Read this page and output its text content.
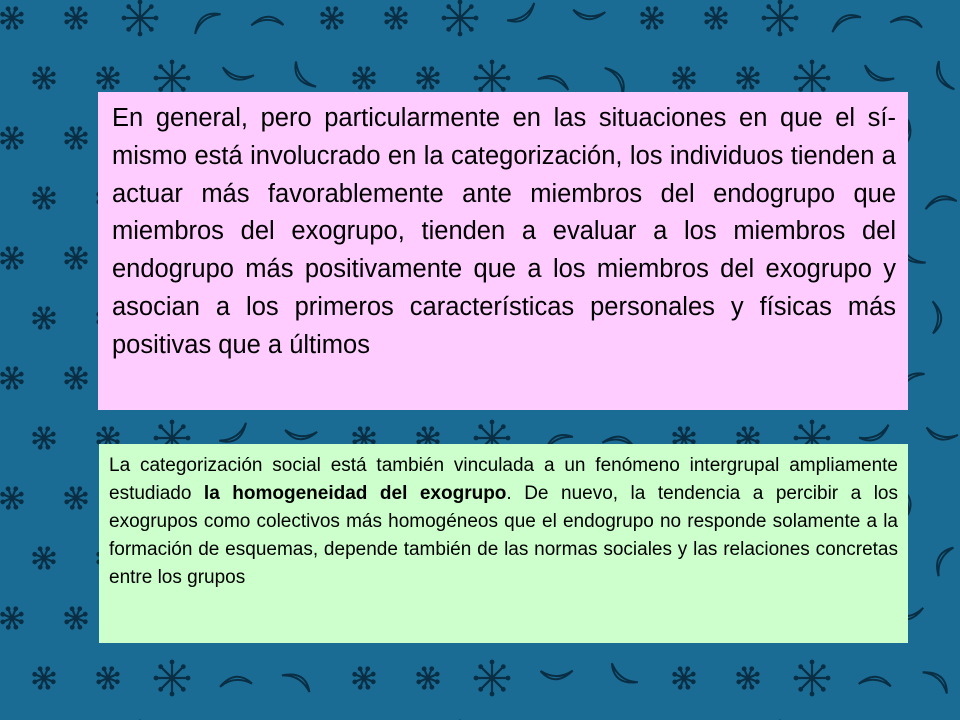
En general, pero particularmente en las situaciones en que el sí-mismo está involucrado en la categorización, los individuos tienden a actuar más favorablemente ante miembros del endogrupo que miembros del exogrupo, tienden a evaluar a los miembros del endogrupo más positivamente que a los miembros del exogrupo y asocian a los primeros características personales y físicas más positivas que a últimos
La categorización social está también vinculada a un fenómeno intergrupal ampliamente estudiado la homogeneidad del exogrupo. De nuevo, la tendencia a percibir a los exogrupos como colectivos más homogéneos que el endogrupo no responde solamente a la formación de esquemas, depende también de las normas sociales y las relaciones concretas entre los grupos
